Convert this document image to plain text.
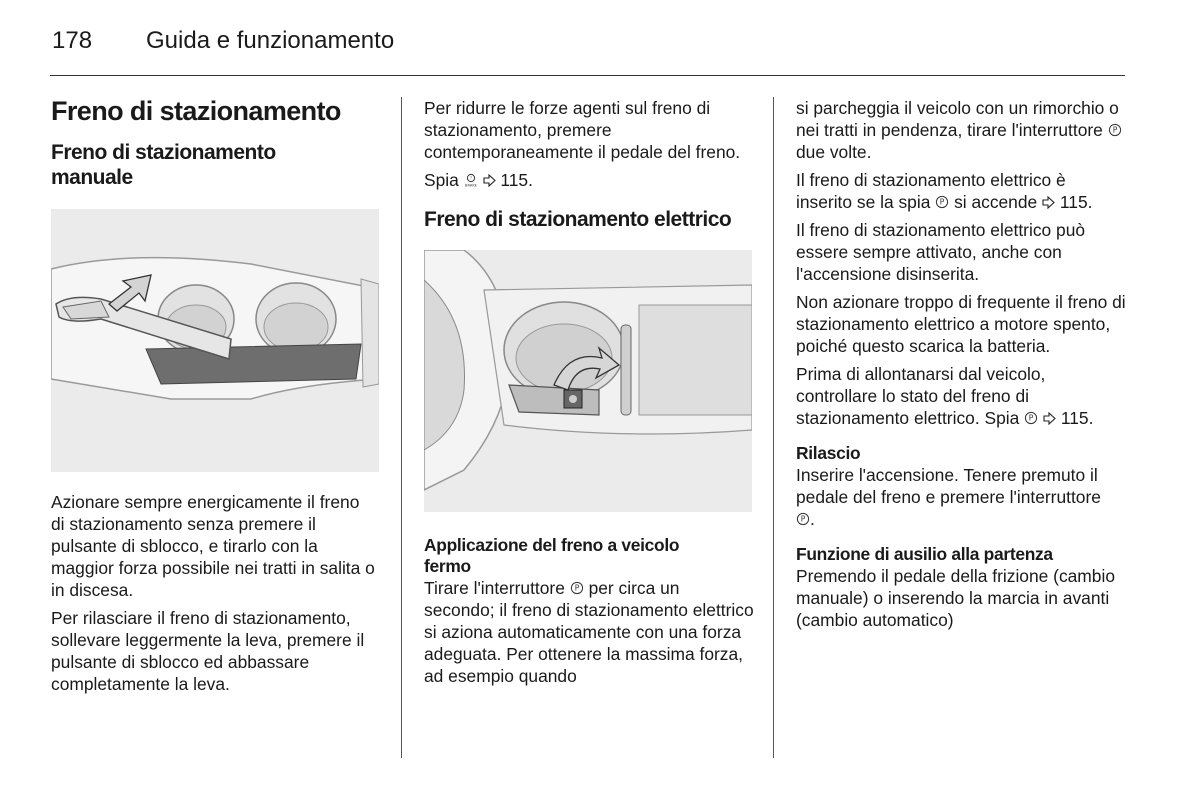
178 Guida e funzionamento
Freno di stazionamento
Freno di stazionamento manuale

Azionare sempre energicamente il freno di stazionamento senza premere il pulsante di sblocco, e tirarlo con la maggior forza possibile nei tratti in salita o in discesa.

Per rilasciare il freno di stazionamento, sollevare leggermente la leva, premere il pulsante di sblocco ed abbassare completamente la leva.

Per ridurre le forze agenti sul freno di stazionamento, premere contemporaneamente il pedale del freno.

Spia !
BRAKE 115.

Freno di stazionamento elettrico
Applicazione del freno a veicolo fermo

Tirare l'interruttore P per circa un secondo; il freno di stazionamento elettrico si aziona automaticamente con una forza adeguata. Per ottenere la massima forza, ad esempio quando

si parcheggia il veicolo con un rimorchio o nei tratti in pendenza, tirare l'interruttore P
due volte.

Il freno di stazionamento elettrico è inserito se la spia P si accende 115.

Il freno di stazionamento elettrico può essere sempre attivato, anche con l'accensione disinserita.

Non azionare troppo di frequente il freno di stazionamento elettrico a motore spento, poiché questo scarica la batteria.

Prima di allontanarsi dal veicolo, controllare lo stato del freno di stazionamento elettrico. Spia P 115.

Rilascio

Inserire l'accensione. Tenere premuto il pedale del freno e premere l'interruttore
P .

Funzione di ausilio alla partenza

Premendo il pedale della frizione (cambio manuale) o inserendo la marcia in avanti (cambio automatico)
